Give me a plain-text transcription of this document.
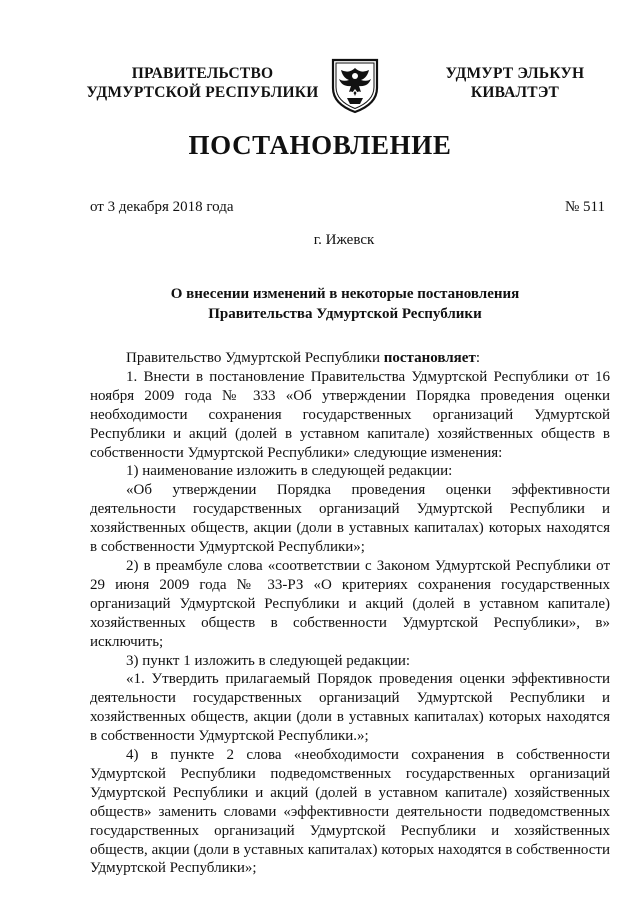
ПРАВИТЕЛЬСТВО
УДМУРТСКОЙ РЕСПУБЛИКИ
УДМУРТ ЭЛЬКУН
КИВАЛТЭТ
ПОСТАНОВЛЕНИЕ
от 3 декабря 2018 года	№ 511
г. Ижевск
О внесении изменений в некоторые постановления
Правительства Удмуртской Республики

Правительство Удмуртской Республики постановляет:

1. Внести в постановление Правительства Удмуртской Республики от 16 ноября 2009 года № 333 «Об утверждении Порядка проведения оценки необходимости сохранения государственных организаций Удмуртской Республики и акций (долей в уставном капитале) хозяйственных обществ в собственности Удмуртской Республики» следующие изменения:

1) наименование изложить в следующей редакции:

«Об утверждении Порядка проведения оценки эффективности деятельности государственных организаций Удмуртской Республики и хозяйственных обществ, акции (доли в уставных капиталах) которых находятся в собственности Удмуртской Республики»;

2) в преамбуле слова «соответствии с Законом Удмуртской Республики от 29 июня 2009 года № 33-РЗ «О критериях сохранения государственных организаций Удмуртской Республики и акций (долей в уставном капитале) хозяйственных обществ в собственности Удмуртской Республики», в» исключить;

3) пункт 1 изложить в следующей редакции:

«1. Утвердить прилагаемый Порядок проведения оценки эффективности деятельности государственных организаций Удмуртской Республики и хозяйственных обществ, акции (доли в уставных капиталах) которых находятся в собственности Удмуртской Республики.»;

4) в пункте 2 слова «необходимости сохранения в собственности Удмуртской Республики подведомственных государственных организаций Удмуртской Республики и акций (долей в уставном капитале) хозяйственных обществ» заменить словами «эффективности деятельности подведомственных государственных организаций Удмуртской Республики и хозяйственных обществ, акции (доли в уставных капиталах) которых находятся в собственности Удмуртской Республики»;
